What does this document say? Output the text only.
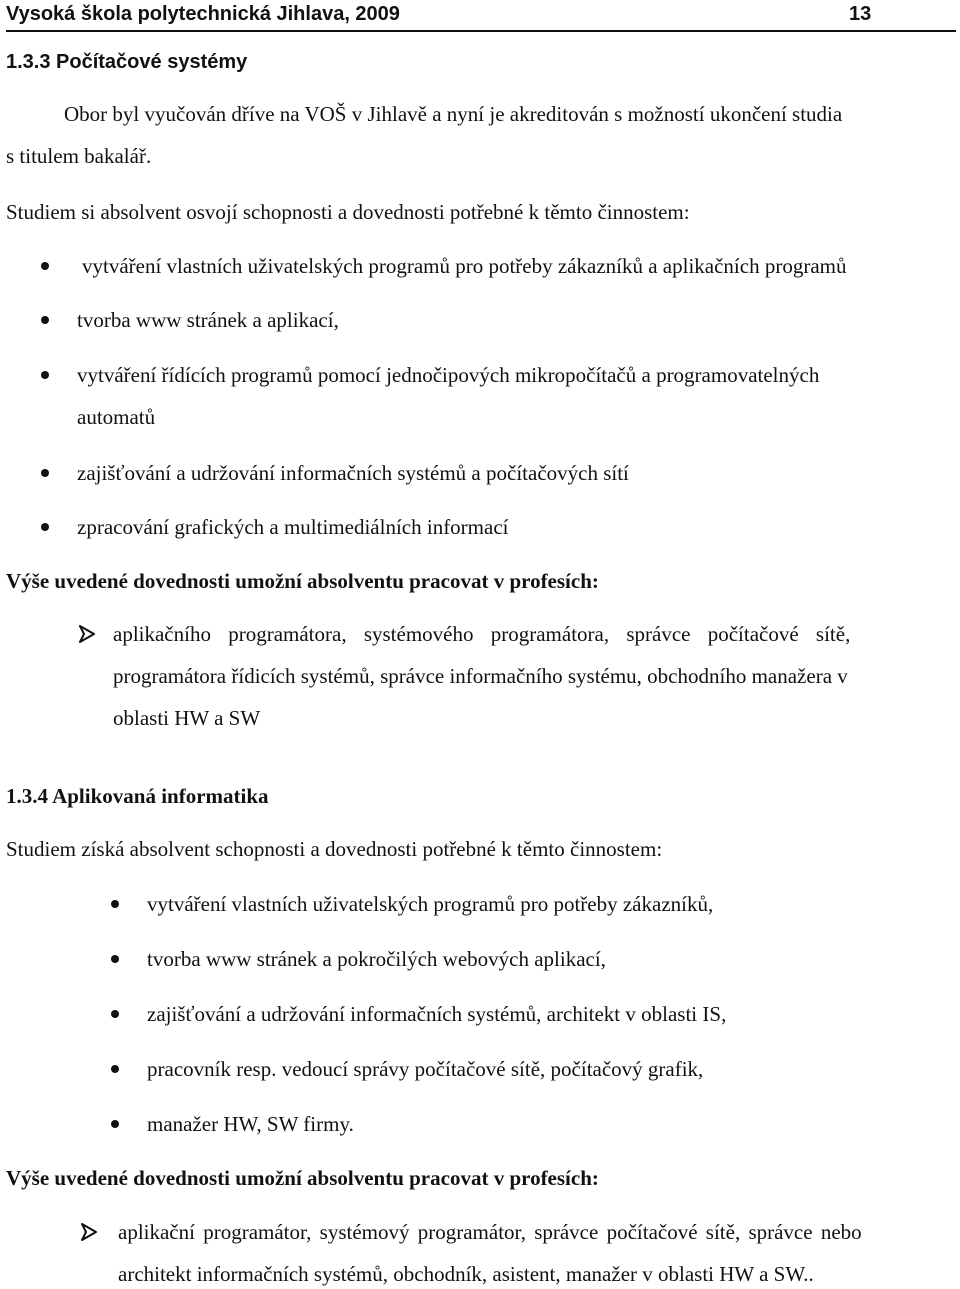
Vysoká škola polytechnická Jihlava, 2009	13
1.3.3 Počítačové systémy
Obor byl vyučován dříve na VOŠ v Jihlavě a nyní je akreditován s možností ukončení studia
s titulem bakalář.
Studiem si absolvent osvojí schopnosti a dovednosti potřebné k těmto činnostem:
vytváření vlastních uživatelských programů pro potřeby zákazníků a aplikačních programů
tvorba www stránek a aplikací,
vytváření řídících programů pomocí jednočipových mikropočítačů a programovatelných
automatů
zajišťování a udržování informačních systémů a počítačových sítí
zpracování grafických a multimediálních informací
Výše uvedené dovednosti umožní absolventu pracovat v profesích:
aplikačního programátora, systémového programátora, správce počítačové sítě,
programátora řídicích systémů, správce informačního systému, obchodního manažera v
oblasti HW a SW
1.3.4 Aplikovaná informatika
Studiem získá absolvent schopnosti a dovednosti potřebné k těmto činnostem:
vytváření vlastních uživatelských programů pro potřeby zákazníků,
tvorba www stránek a pokročilých webových aplikací,
zajišťování a udržování informačních systémů, architekt v oblasti IS,
pracovník resp. vedoucí správy počítačové sítě, počítačový grafik,
manažer HW, SW firmy.
Výše uvedené dovednosti umožní absolventu pracovat v profesích:
aplikační programátor, systémový programátor, správce počítačové sítě, správce nebo
architekt informačních systémů, obchodník, asistent, manažer v oblasti HW a SW..
